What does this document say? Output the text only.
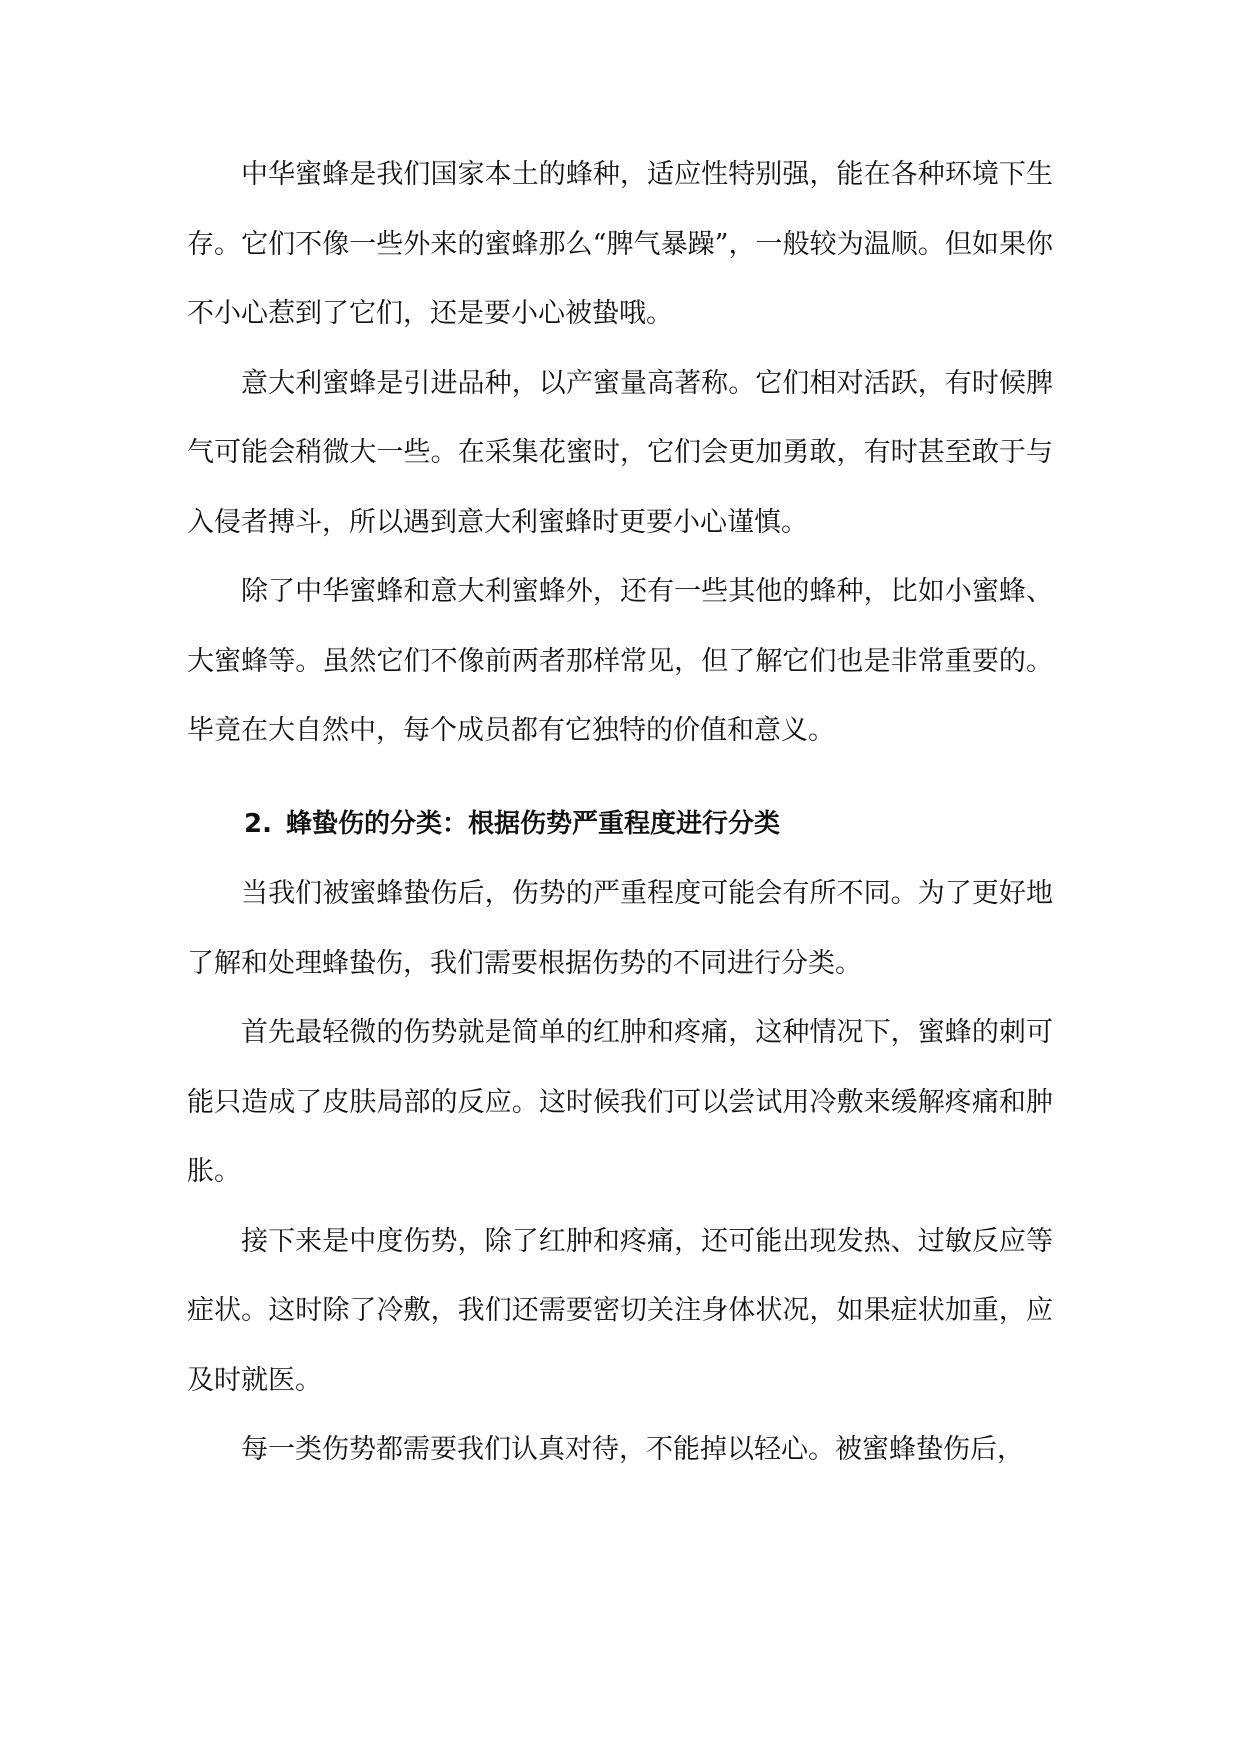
中华蜜蜂是我们国家本土的蜂种，适应性特别强，能在各种环境下生存。它们不像一些外来的蜜蜂那么“脾气暴躁”，一般较为温顺。但如果你不小心惹到了它们，还是要小心被蛰哦。

意大利蜜蜂是引进品种，以产蜜量高著称。它们相对活跃，有时候脾气可能会稍微大一些。在采集花蜜时，它们会更加勇敢，有时甚至敢于与入侵者搏斗，所以遇到意大利蜜蜂时更要小心谨慎。

除了中华蜜蜂和意大利蜜蜂外，还有一些其他的蜂种，比如小蜜蜂、大蜜蜂等。虽然它们不像前两者那样常见，但了解它们也是非常重要的。毕竟在大自然中，每个成员都有它独特的价值和意义。

2. 蜂蛰伤的分类：根据伤势严重程度进行分类

当我们被蜜蜂蛰伤后，伤势的严重程度可能会有所不同。为了更好地了解和处理蜂蛰伤，我们需要根据伤势的不同进行分类。

首先最轻微的伤势就是简单的红肿和疼痛，这种情况下，蜜蜂的刺可能只造成了皮肤局部的反应。这时候我们可以尝试用冷敷来缓解疼痛和肿胀。

接下来是中度伤势，除了红肿和疼痛，还可能出现发热、过敏反应等症状。这时除了冷敷，我们还需要密切关注身体状况，如果症状加重，应及时就医。

每一类伤势都需要我们认真对待，不能掉以轻心。被蜜蜂蛰伤后，
